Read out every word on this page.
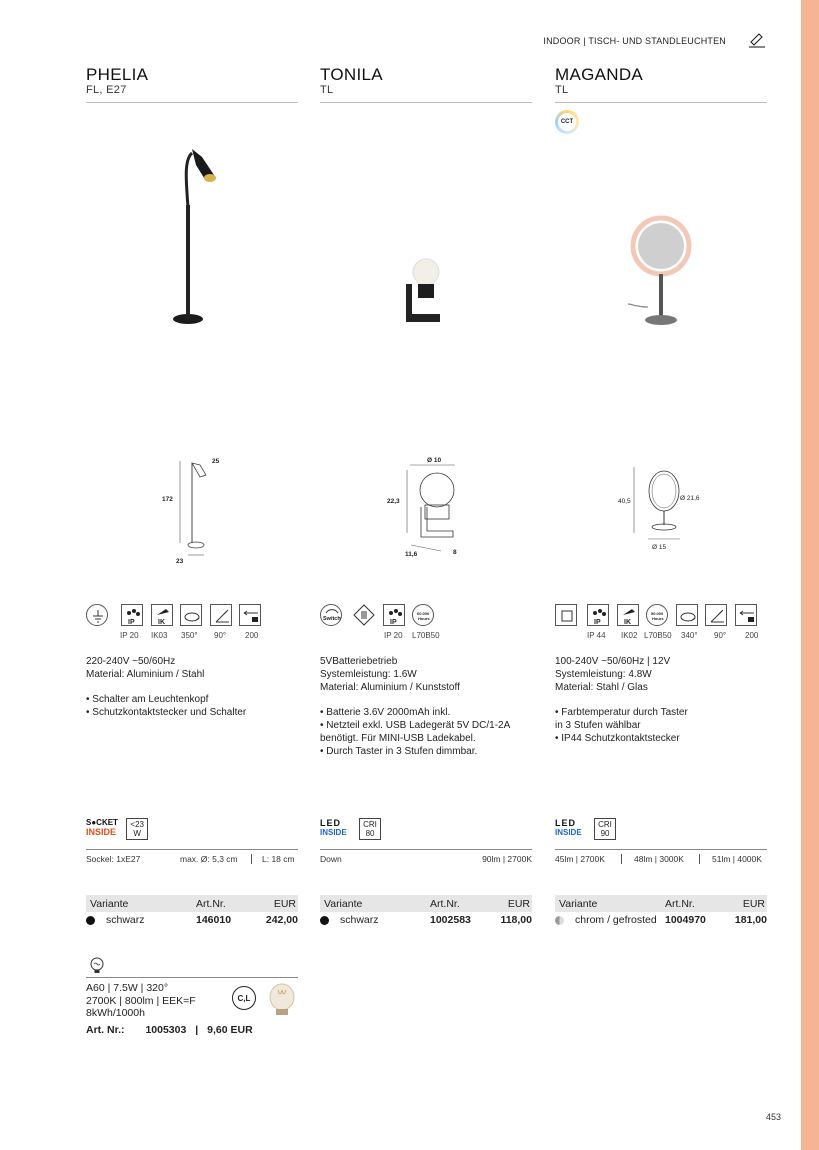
INDOOR | TISCH- UND STANDLEUCHTEN
PHELIA
FL, E27
25
172
23

IP
	IK

IP 20 IK03 350° 90° 200
220-240V ~50/60Hz
Material: Aluminium / Stahl
• Schalter am Leuchtenkopf
• Schutzkontaktstecker und Schalter
S●CKET
INSIDE

<23
W
Sockel: 1xE27	max. Ø: 5,3 cm	L: 18 cm
Variante	Art.Nr.	EUR
schwarz	146010	242,00
TONILA
TL
Ø 10
22,3
11,6	8
Switch

	IP

60.000
Hours
IP 20 L70B50
5VBatteriebetrieb
Systemleistung: 1.6W
Material: Aluminium / Kunststoff
• Batterie 3.6V 2000mAh inkl.
• Netzteil exkl. USB Ladegerät 5V DC/1-2A
benötigt. Für MINI-USB Ladekabel.
• Durch Taster in 3 Stufen dimmbar.
LED
INSIDE

CRI
80
Down	90lm | 2700K
Variante	Art.Nr.	EUR
schwarz	1002583	118,00
MAGANDA
TL
CCT
40,5	Ø 21,6
Ø 15

IP
	IK

50.000
Hours

IP 44 IK02 L70B50 340° 90° 200
100-240V ~50/60Hz | 12V
Systemleistung: 4.8W
Material: Stahl / Glas
• Farbtemperatur durch Taster
in 3 Stufen wählbar
• IP44 Schutzkontaktstecker
LED
INSIDE

CRI
90
45lm | 2700K	48lm | 3000K	51lm | 4000K
Variante	Art.Nr.	EUR
chrom / gefrosted 1004970	181,00
A60 | 7.5W | 320°
2700K | 800lm | EEK=F
8kWh/1000h
C,L
Art. Nr.: 1005303 | 9,60 EUR
453
